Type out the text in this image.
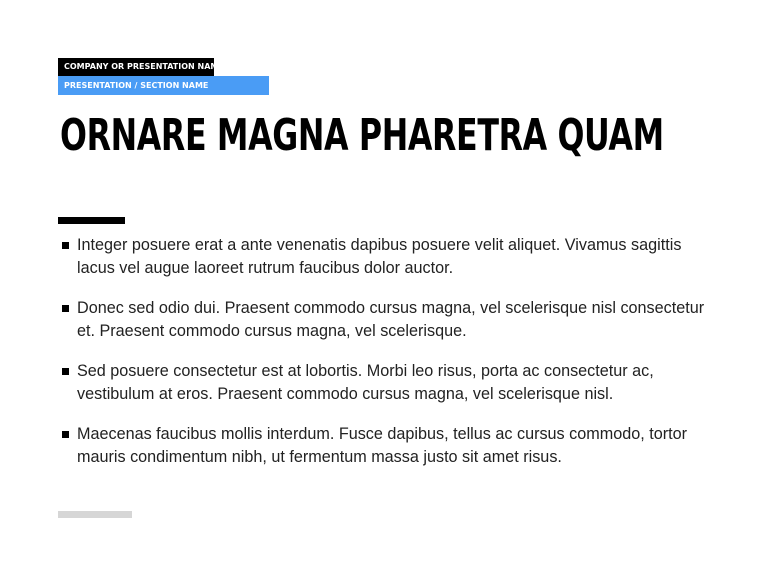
COMPANY OR PRESENTATION NAME
PRESENTATION / SECTION NAME
ORNARE MAGNA PHARETRA QUAM
Integer posuere erat a ante venenatis dapibus posuere velit aliquet. Vivamus sagittis lacus vel augue laoreet rutrum faucibus dolor auctor.
Donec sed odio dui. Praesent commodo cursus magna, vel scelerisque nisl consectetur et. Praesent commodo cursus magna, vel scelerisque.
Sed posuere consectetur est at lobortis. Morbi leo risus, porta ac consectetur ac, vestibulum at eros. Praesent commodo cursus magna, vel scelerisque nisl.
Maecenas faucibus mollis interdum. Fusce dapibus, tellus ac cursus commodo, tortor mauris condimentum nibh, ut fermentum massa justo sit amet risus.
